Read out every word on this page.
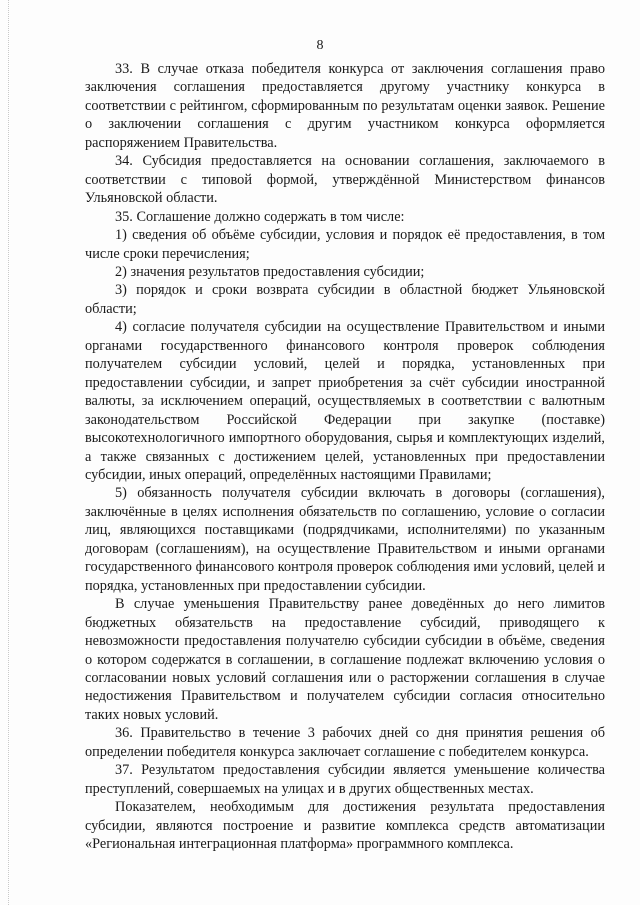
8

33. В случае отказа победителя конкурса от заключения соглашения право заключения соглашения предоставляется другому участнику конкурса в соответствии с рейтингом, сформированным по результатам оценки заявок. Решение о заключении соглашения с другим участником конкурса оформляется распоряжением Правительства.

34. Субсидия предоставляется на основании соглашения, заключаемого в соответствии с типовой формой, утверждённой Министерством финансов Ульяновской области.

35. Соглашение должно содержать в том числе:

1) сведения об объёме субсидии, условия и порядок её предоставления, в том числе сроки перечисления;

2) значения результатов предоставления субсидии;

3) порядок и сроки возврата субсидии в областной бюджет Ульяновской области;

4) согласие получателя субсидии на осуществление Правительством и иными органами государственного финансового контроля проверок соблюдения получателем субсидии условий, целей и порядка, установленных при предоставлении субсидии, и запрет приобретения за счёт субсидии иностранной валюты, за исключением операций, осуществляемых в соответствии с валютным законодательством Российской Федерации при закупке (поставке) высокотехнологичного импортного оборудования, сырья и комплектующих изделий, а также связанных с достижением целей, установленных при предоставлении субсидии, иных операций, определённых настоящими Правилами;

5) обязанность получателя субсидии включать в договоры (соглашения), заключённые в целях исполнения обязательств по соглашению, условие о согласии лиц, являющихся поставщиками (подрядчиками, исполнителями) по указанным договорам (соглашениям), на осуществление Правительством и иными органами государственного финансового контроля проверок соблюдения ими условий, целей и порядка, установленных при предоставлении субсидии.

В случае уменьшения Правительству ранее доведённых до него лимитов бюджетных обязательств на предоставление субсидий, приводящего к невозможности предоставления получателю субсидии субсидии в объёме, сведения о котором содержатся в соглашении, в соглашение подлежат включению условия о согласовании новых условий соглашения или о расторжении соглашения в случае недостижения Правительством и получателем субсидии согласия относительно таких новых условий.

36. Правительство в течение 3 рабочих дней со дня принятия решения об определении победителя конкурса заключает соглашение с победителем конкурса.

37. Результатом предоставления субсидии является уменьшение количества преступлений, совершаемых на улицах и в других общественных местах.

Показателем, необходимым для достижения результата предоставления субсидии, являются построение и развитие комплекса средств автоматизации «Региональная интеграционная платформа» программного комплекса.
